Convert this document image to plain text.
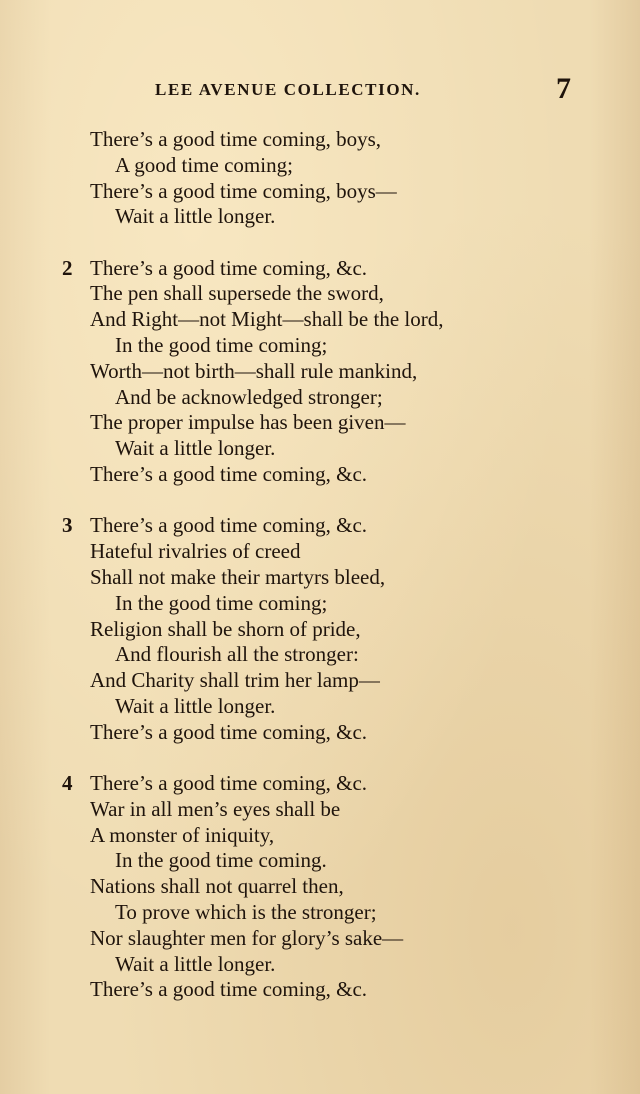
LEE AVENUE COLLECTION.	7
There’s a good time coming, boys,
A good time coming;
There’s a good time coming, boys—
Wait a little longer.
2 There’s a good time coming, &c.
The pen shall supersede the sword,
And Right—not Might—shall be the lord,
In the good time coming;
Worth—not birth—shall rule mankind,
And be acknowledged stronger;
The proper impulse has been given—
Wait a little longer.
There’s a good time coming, &c.
3 There’s a good time coming, &c.
Hateful rivalries of creed
Shall not make their martyrs bleed,
In the good time coming;
Religion shall be shorn of pride,
And flourish all the stronger:
And Charity shall trim her lamp—
Wait a little longer.
There’s a good time coming, &c.
4 There’s a good time coming, &c.
War in all men’s eyes shall be
A monster of iniquity,
In the good time coming.
Nations shall not quarrel then,
To prove which is the stronger;
Nor slaughter men for glory’s sake—
Wait a little longer.
There’s a good time coming, &c.
